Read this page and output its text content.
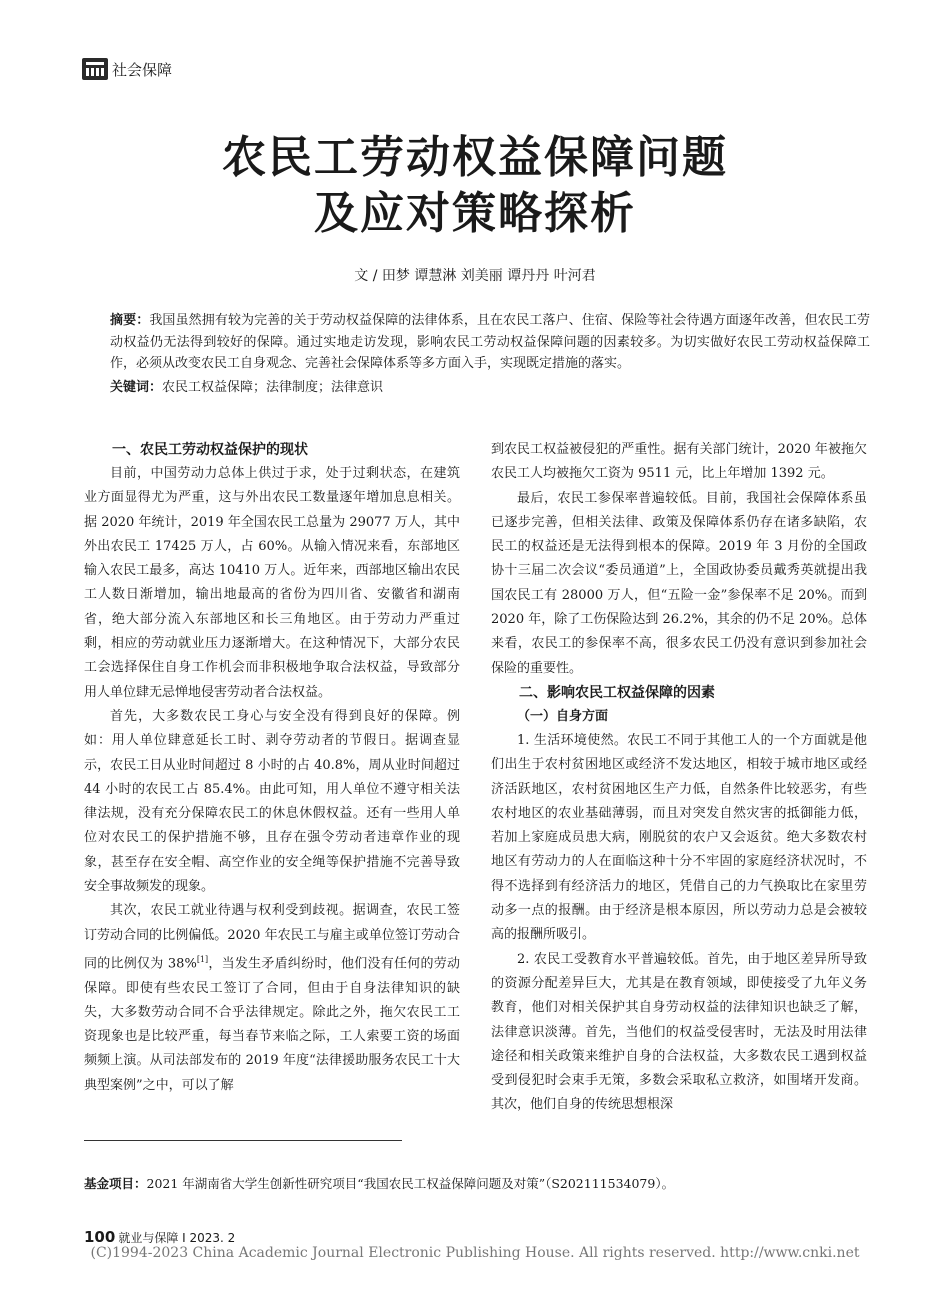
社会保障
农民工劳动权益保障问题
及应对策略探析
文 / 田梦 谭慧淋 刘美丽 谭丹丹 叶河君
摘要：我国虽然拥有较为完善的关于劳动权益保障的法律体系，且在农民工落户、住宿、保险等社会待遇方面逐年改善，但农民工劳动权益仍无法得到较好的保障。通过实地走访发现，影响农民工劳动权益保障问题的因素较多。为切实做好农民工劳动权益保障工作，必须从改变农民工自身观念、完善社会保障体系等多方面入手，实现既定措施的落实。
关键词：农民工权益保障；法律制度；法律意识
一、农民工劳动权益保护的现状

目前，中国劳动力总体上供过于求，处于过剩状态，在建筑业方面显得尤为严重，这与外出农民工数量逐年增加息息相关。据 2020 年统计，2019 年全国农民工总量为 29077 万人，其中外出农民工 17425 万人，占 60%。从输入情况来看，东部地区输入农民工最多，高达 10410 万人。近年来，西部地区输出农民工人数日渐增加，输出地最高的省份为四川省、安徽省和湖南省，绝大部分流入东部地区和长三角地区。由于劳动力严重过剩，相应的劳动就业压力逐渐增大。在这种情况下，大部分农民工会选择保住自身工作机会而非积极地争取合法权益，导致部分用人单位肆无忌惮地侵害劳动者合法权益。

首先，大多数农民工身心与安全没有得到良好的保障。例如：用人单位肆意延长工时、剥夺劳动者的节假日。据调查显示，农民工日从业时间超过 8 小时的占 40.8%，周从业时间超过 44 小时的农民工占 85.4%。由此可知，用人单位不遵守相关法律法规，没有充分保障农民工的休息休假权益。还有一些用人单位对农民工的保护措施不够，且存在强令劳动者违章作业的现象，甚至存在安全帽、高空作业的安全绳等保护措施不完善导致安全事故频发的现象。

其次，农民工就业待遇与权利受到歧视。据调查，农民工签订劳动合同的比例偏低。2020 年农民工与雇主或单位签订劳动合同的比例仅为 38%[1]，当发生矛盾纠纷时，他们没有任何的劳动保障。即使有些农民工签订了合同，但由于自身法律知识的缺失，大多数劳动合同不合乎法律规定。除此之外，拖欠农民工工资现象也是比较严重，每当春节来临之际，工人索要工资的场面频频上演。从司法部发布的 2019 年度“法律援助服务农民工十大典型案例”之中，可以了解

到农民工权益被侵犯的严重性。据有关部门统计，2020 年被拖欠农民工人均被拖欠工资为 9511 元，比上年增加 1392 元。

最后，农民工参保率普遍较低。目前，我国社会保障体系虽已逐步完善，但相关法律、政策及保障体系仍存在诸多缺陷，农民工的权益还是无法得到根本的保障。2019 年 3 月份的全国政协十三届二次会议“委员通道”上，全国政协委员戴秀英就提出我国农民工有 28000 万人，但“五险一金”参保率不足 20%。而到 2020 年，除了工伤保险达到 26.2%，其余的仍不足 20%。总体来看，农民工的参保率不高，很多农民工仍没有意识到参加社会保险的重要性。

二、影响农民工权益保障的因素
（一）自身方面

1. 生活环境使然。农民工不同于其他工人的一个方面就是他们出生于农村贫困地区或经济不发达地区，相较于城市地区或经济活跃地区，农村贫困地区生产力低，自然条件比较恶劣，有些农村地区的农业基础薄弱，而且对突发自然灾害的抵御能力低，若加上家庭成员患大病，刚脱贫的农户又会返贫。绝大多数农村地区有劳动力的人在面临这种十分不牢固的家庭经济状况时，不得不选择到有经济活力的地区，凭借自己的力气换取比在家里劳动多一点的报酬。由于经济是根本原因，所以劳动力总是会被较高的报酬所吸引。

2. 农民工受教育水平普遍较低。首先，由于地区差异所导致的资源分配差异巨大，尤其是在教育领域，即使接受了九年义务教育，他们对相关保护其自身劳动权益的法律知识也缺乏了解，法律意识淡薄。首先，当他们的权益受侵害时，无法及时用法律途径和相关政策来维护自身的合法权益，大多数农民工遇到权益受到侵犯时会束手无策，多数会采取私立救济，如围堵开发商。其次，他们自身的传统思想根深

基金项目：2021 年湖南省大学生创新性研究项目“我国农民工权益保障问题及对策”（S202111534079）。
100 就业与保障 I 2023. 2
(C)1994-2023 China Academic Journal Electronic Publishing House. All rights reserved. http://www.cnki.net
